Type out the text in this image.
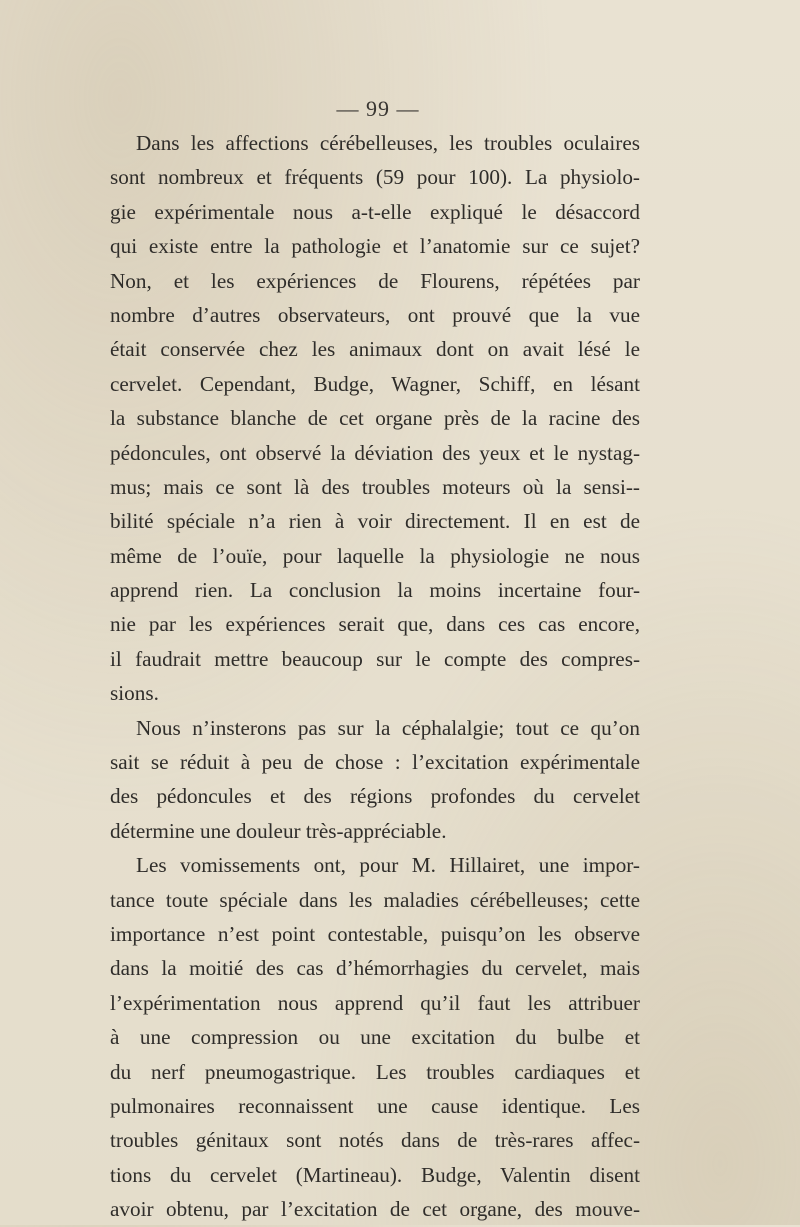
— 99 —
Dans les affections cérébelleuses, les troubles oculaires
sont nombreux et fréquents (59 pour 100). La physiolo-
gie expérimentale nous a-t-elle expliqué le désaccord
qui existe entre la pathologie et l’anatomie sur ce sujet?
Non, et les expériences de Flourens, répétées par
nombre d’autres observateurs, ont prouvé que la vue
était conservée chez les animaux dont on avait lésé le
cervelet. Cependant, Budge, Wagner, Schiff, en lésant
la substance blanche de cet organe près de la racine des
pédoncules, ont observé la déviation des yeux et le nystag-
mus; mais ce sont là des troubles moteurs où la sensi--
bilité spéciale n’a rien à voir directement. Il en est de
même de l’ouïe, pour laquelle la physiologie ne nous
apprend rien. La conclusion la moins incertaine four-
nie par les expériences serait que, dans ces cas encore,
il faudrait mettre beaucoup sur le compte des compres-
sions.
Nous n’insterons pas sur la céphalalgie; tout ce qu’on
sait se réduit à peu de chose : l’excitation expérimentale
des pédoncules et des régions profondes du cervelet
détermine une douleur très-appréciable.
Les vomissements ont, pour M. Hillairet, une impor-
tance toute spéciale dans les maladies cérébelleuses; cette
importance n’est point contestable, puisqu’on les observe
dans la moitié des cas d’hémorrhagies du cervelet, mais
l’expérimentation nous apprend qu’il faut les attribuer
à une compression ou une excitation du bulbe et
du nerf pneumogastrique. Les troubles cardiaques et
pulmonaires reconnaissent une cause identique. Les
troubles génitaux sont notés dans de très-rares affec-
tions du cervelet (Martineau). Budge, Valentin disent
avoir obtenu, par l’excitation de cet organe, des mouve-
